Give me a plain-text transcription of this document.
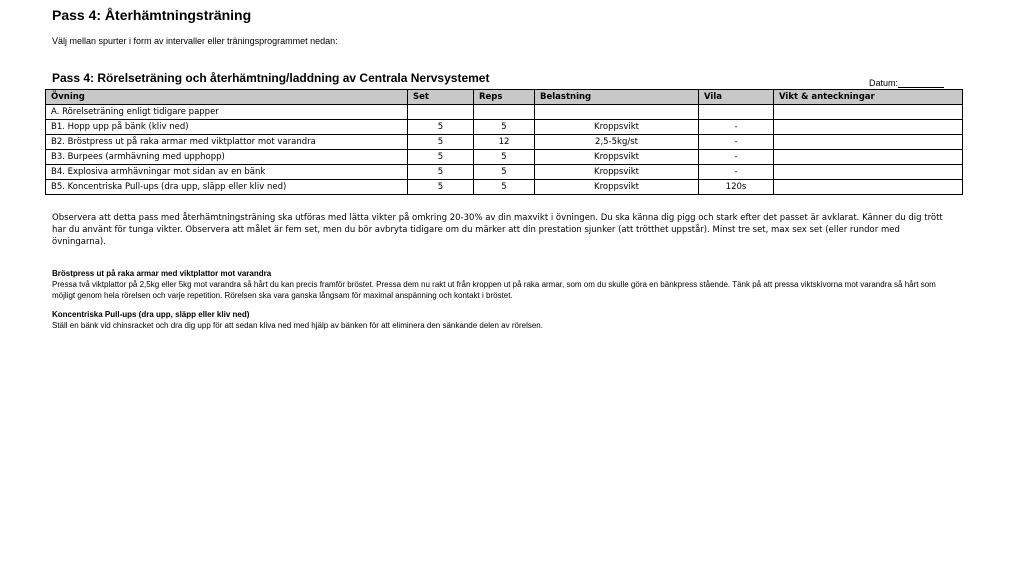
Pass 4: Återhämtningsträning

Välj mellan spurter i form av intervaller eller träningsprogrammet nedan:

Pass 4: Rörelseträning och återhämtning/laddning av Centrala Nervsystemet	Datum:
Övning	Set	Reps	Belastning	Vila	Vikt & anteckningar
A. Rörelseträning enligt tidigare papper					
B1. Hopp upp på bänk (kliv ned)	5	5	Kroppsvikt	-	
B2. Bröstpress ut på raka armar med viktplattor mot varandra	5	12	2,5-5kg/st	-	
B3. Burpees (armhävning med upphopp)	5	5	Kroppsvikt	-	
B4. Explosiva armhävningar mot sidan av en bänk	5	5	Kroppsvikt	-	
B5. Koncentriska Pull-ups (dra upp, släpp eller kliv ned)	5	5	Kroppsvikt	120s	

Observera att detta pass med återhämtningsträning ska utföras med lätta vikter på omkring 20-30% av din maxvikt i övningen. Du ska känna dig pigg och stark efter det passet är avklarat. Känner du dig trött har du använt för tunga vikter. Observera att målet är fem set, men du bör avbryta tidigare om du märker att din prestation sjunker (att trötthet uppstår). Minst tre set, max sex set (eller rundor med övningarna).

Bröstpress ut på raka armar med viktplattor mot varandra

Pressa två viktplattor på 2,5kg eller 5kg mot varandra så hårt du kan precis framför bröstet. Pressa dem nu rakt ut från kroppen ut på raka armar, som om du skulle göra en bänkpress stående. Tänk på att pressa viktskivorna mot varandra så hårt som möjligt genom hela rörelsen och varje repetition. Rörelsen ska vara ganska långsam för maximal anspänning och kontakt i bröstet.

Koncentriska Pull-ups (dra upp, släpp eller kliv ned)

Ställ en bänk vid chinsracket och dra dig upp för att sedan kliva ned med hjälp av bänken för att eliminera den sänkande delen av rörelsen.
